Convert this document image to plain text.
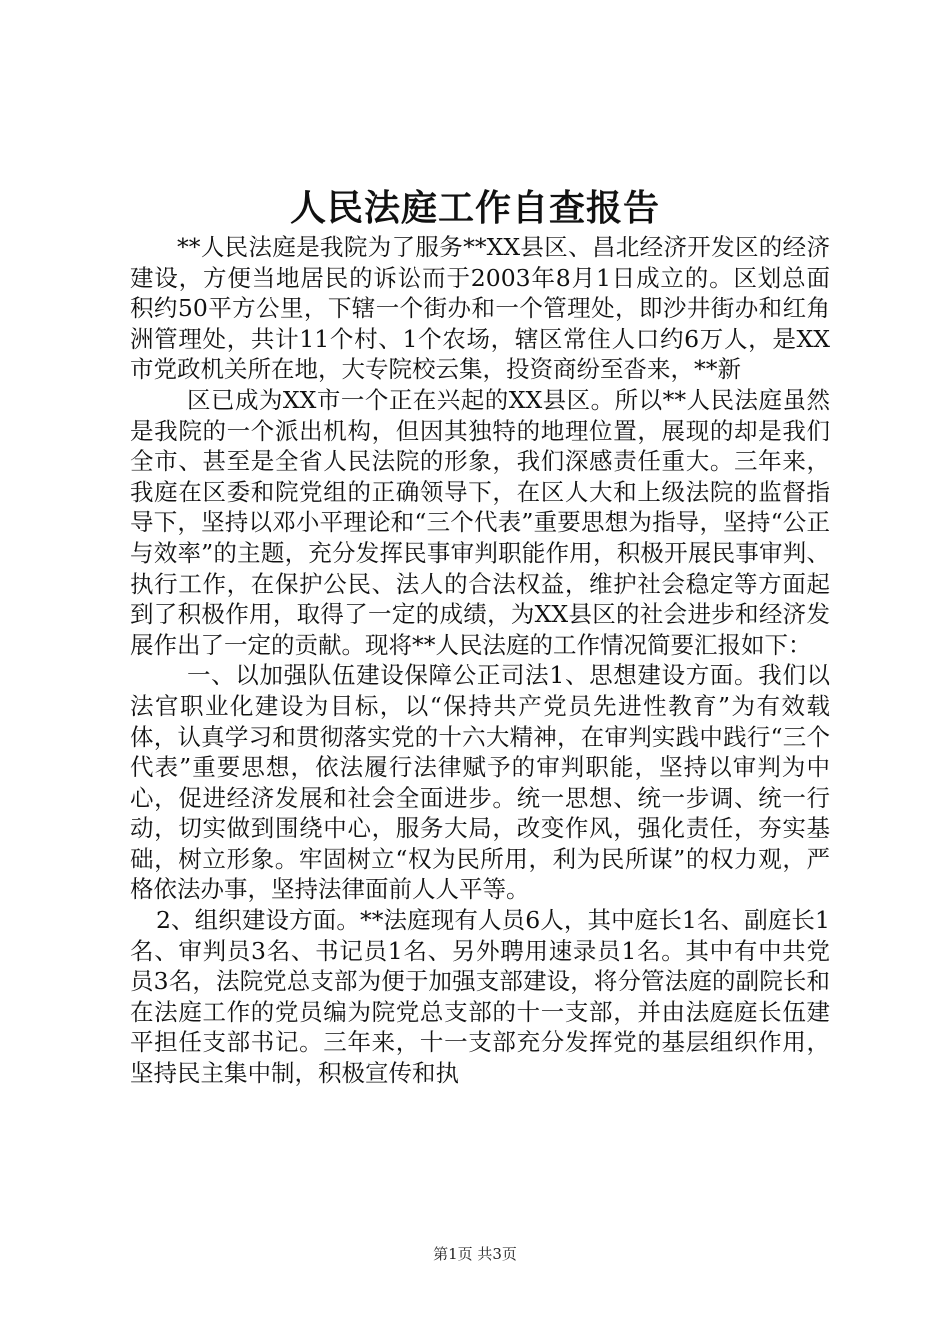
人民法庭工作自查报告

**人民法庭是我院为了服务**XX县区、昌北经济开发区的经济建设，方便当地居民的诉讼而于2003年8月1日成立的。区划总面积约50平方公里，下辖一个街办和一个管理处，即沙井街办和红角洲管理处，共计11个村、1个农场，辖区常住人口约6万人，是XX市党政机关所在地，大专院校云集，投资商纷至沓来，**新

区已成为XX市一个正在兴起的XX县区。所以**人民法庭虽然是我院的一个派出机构，但因其独特的地理位置，展现的却是我们全市、甚至是全省人民法院的形象，我们深感责任重大。三年来，我庭在区委和院党组的正确领导下，在区人大和上级法院的监督指导下，坚持以邓小平理论和“三个代表”重要思想为指导，坚持“公正与效率”的主题，充分发挥民事审判职能作用，积极开展民事审判、执行工作，在保护公民、法人的合法权益，维护社会稳定等方面起到了积极作用，取得了一定的成绩，为XX县区的社会进步和经济发展作出了一定的贡献。现将**人民法庭的工作情况简要汇报如下：

一、以加强队伍建设保障公正司法1、思想建设方面。我们以法官职业化建设为目标，以“保持共产党员先进性教育”为有效载体，认真学习和贯彻落实党的十六大精神，在审判实践中践行“三个代表”重要思想，依法履行法律赋予的审判职能，坚持以审判为中心，促进经济发展和社会全面进步。统一思想、统一步调、统一行动，切实做到围绕中心，服务大局，改变作风，强化责任，夯实基础，树立形象。牢固树立“权为民所用，利为民所谋”的权力观，严格依法办事，坚持法律面前人人平等。

2、组织建设方面。**法庭现有人员6人，其中庭长1名、副庭长1名、审判员3名、书记员1名、另外聘用速录员1名。其中有中共党员3名，法院党总支部为便于加强支部建设，将分管法庭的副院长和在法庭工作的党员编为院党总支部的十一支部，并由法庭庭长伍建平担任支部书记。三年来，十一支部充分发挥党的基层组织作用，坚持民主集中制，积极宣传和执

第1页 共3页
